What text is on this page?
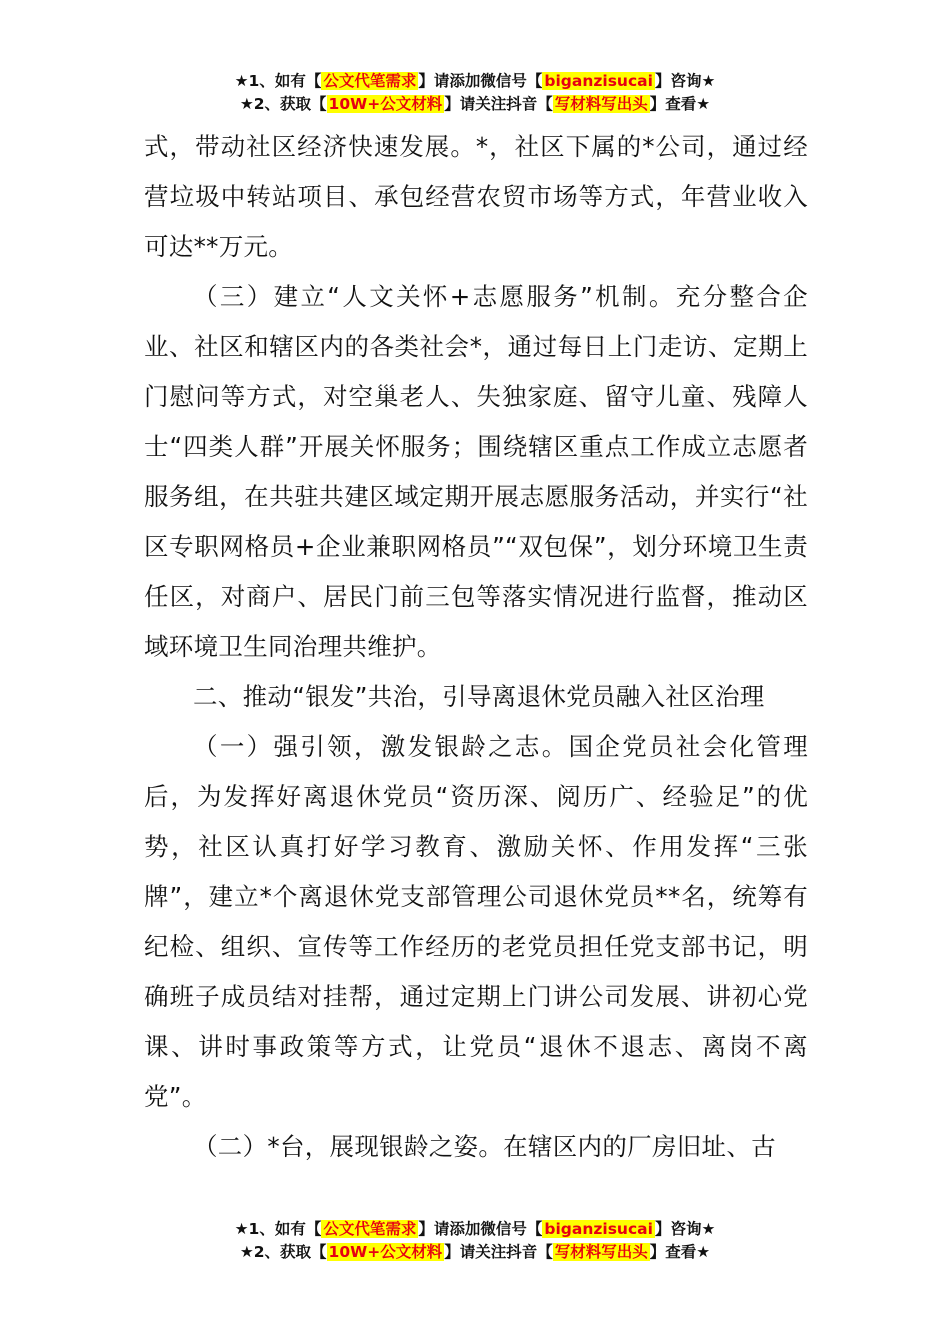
★1、如有【 公文代笔需求 】请添加微信号【 biganzisucai 】咨询★
★2、获取【 10W+公文材料 】请关注抖音【 写材料写出头 】查看★

式，带动社区经济快速发展。*，社区下属的*公司，通过经营垃圾中转站项目、承包经营农贸市场等方式，年营业收入可达**万元。

（三）建立“人文关怀+志愿服务”机制。充分整合企业、社区和辖区内的各类社会*，通过每日上门走访、定期上门慰问等方式，对空巢老人、失独家庭、留守儿童、残障人士“四类人群”开展关怀服务；围绕辖区重点工作成立志愿者服务组，在共驻共建区域定期开展志愿服务活动，并实行“社区专职网格员+企业兼职网格员”“双包保”，划分环境卫生责任区，对商户、居民门前三包等落实情况进行监督，推动区域环境卫生同治理共维护。

二、推动“银发”共治，引导离退休党员融入社区治理

（一）强引领，激发银龄之志。国企党员社会化管理后，为发挥好离退休党员“资历深、阅历广、经验足”的优势，社区认真打好学习教育、激励关怀、作用发挥“三张牌”，建立*个离退休党支部管理公司退休党员**名，统筹有纪检、组织、宣传等工作经历的老党员担任党支部书记，明确班子成员结对挂帮，通过定期上门讲公司发展、讲初心党课、讲时事政策等方式，让党员“退休不退志、离岗不离党”。

（二）*台，展现银龄之姿。在辖区内的厂房旧址、古

★1、如有【 公文代笔需求 】请添加微信号【 biganzisucai 】咨询★
★2、获取【 10W+公文材料 】请关注抖音【 写材料写出头 】查看★
